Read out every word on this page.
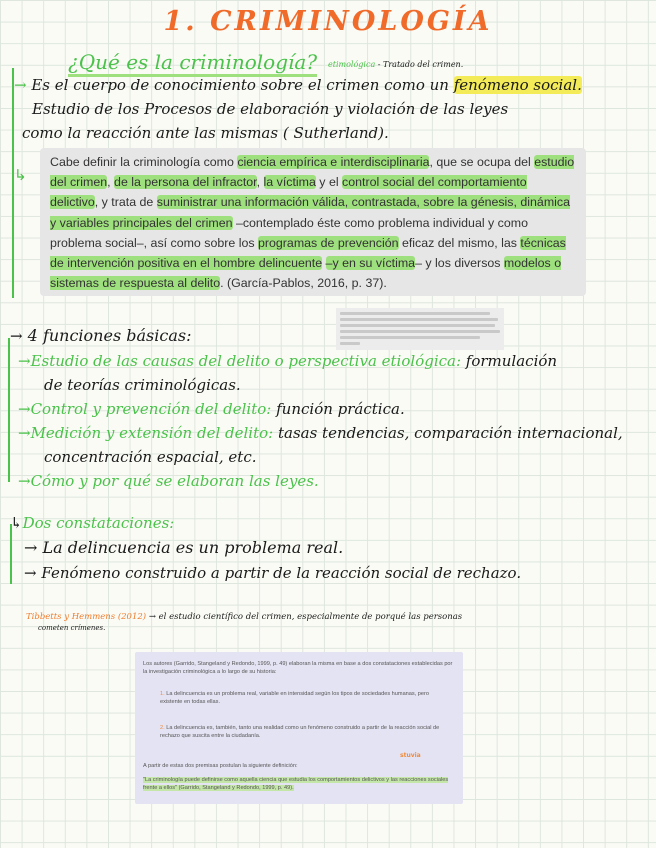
1. CRIMINOLOGÍA
¿Qué es la criminología? etimológica - Tratado del crimen.
→ Es el cuerpo de conocimiento sobre el crimen como un fenómeno social.
Estudio de los Procesos de elaboración y violación de las leyes
como la reacción ante las mismas ( Sutherland).
↳
Cabe definir la criminología como ciencia empírica e interdisciplinaria, que se ocupa del estudio del crimen, de la persona del infractor, la víctima y el control social del comportamiento delictivo, y trata de suministrar una información válida, contrastada, sobre la génesis, dinámica y variables principales del crimen –contemplado éste como problema individual y como problema social–, así como sobre los programas de prevención eficaz del mismo, las técnicas de intervención positiva en el hombre delincuente –y en su víctima– y los diversos modelos o sistemas de respuesta al delito. (García-Pablos, 2016, p. 37).
→ 4 funciones básicas:
→Estudio de las causas del delito o perspectiva etiológica: formulación
de teorías criminológicas.
→Control y prevención del delito: función práctica.
→Medición y extensión del delito: tasas tendencias, comparación internacional,
concentración espacial, etc.
→Cómo y por qué se elaboran las leyes.
↳Dos constataciones:
→ La delincuencia es un problema real.
→ Fenómeno construido a partir de la reacción social de rechazo.
Tibbetts y Hemmens (2012) → el estudio científico del crimen, especialmente de porqué las personas
cometen crímenes.
Los autores (Garrido, Stangeland y Redondo, 1999, p. 49) elaboran la misma en base a dos constataciones establecidas por la investigación criminológica a lo largo de su historia:
1. La delincuencia es un problema real, variable en intensidad según los tipos de sociedades humanas, pero existente en todas ellas.
2. La delincuencia es, también, tanto una realidad como un fenómeno construido a partir de la reacción social de rechazo que suscita entre la ciudadanía.
stuvia
A partir de estas dos premisas postulan la siguiente definición:
"La criminología puede definirse como aquella ciencia que estudia los comportamientos delictivos y las reacciones sociales frente a ellos" (Garrido, Stangeland y Redondo, 1999, p. 49).
